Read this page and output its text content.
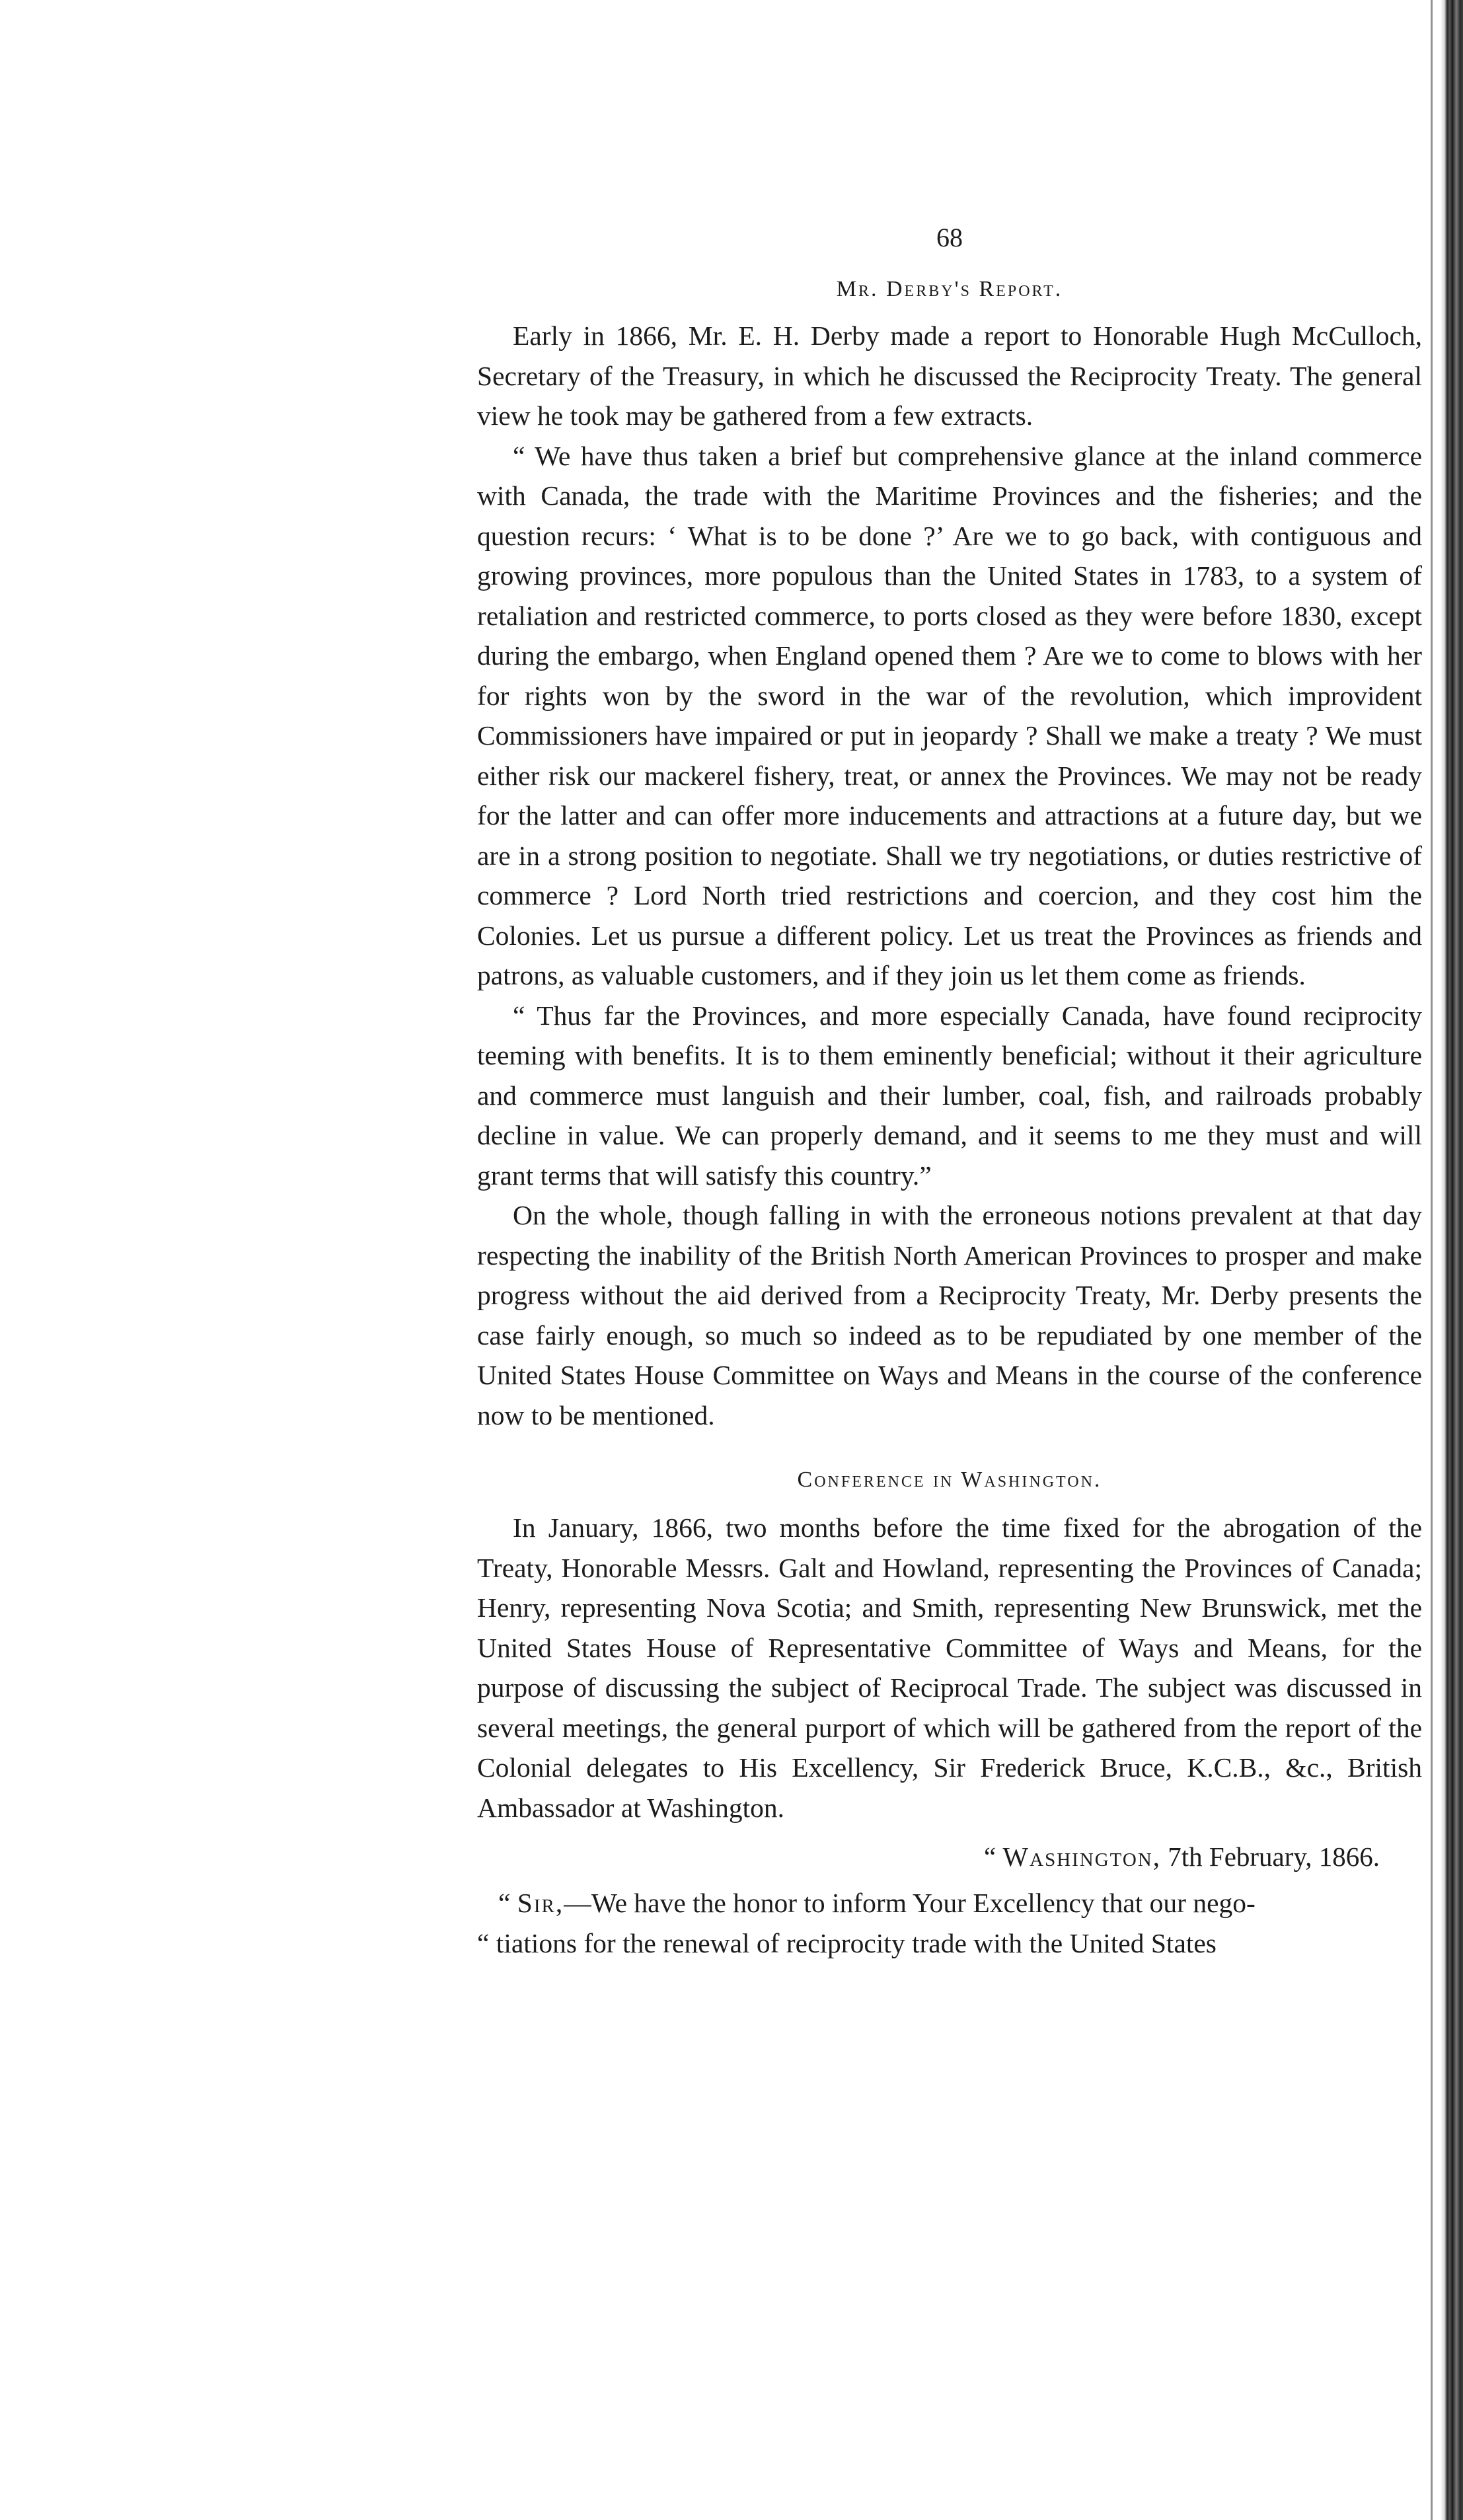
68
Mr. Derby's Report.

Early in 1866, Mr. E. H. Derby made a report to Honorable Hugh McCulloch, Secretary of the Treasury, in which he discussed the Reciprocity Treaty. The general view he took may be gathered from a few extracts.

“ We have thus taken a brief but comprehensive glance at the inland commerce with Canada, the trade with the Maritime Provinces and the fisheries; and the question recurs: ‘ What is to be done ?’ Are we to go back, with contiguous and growing provinces, more populous than the United States in 1783, to a system of retaliation and restricted commerce, to ports closed as they were before 1830, except during the embargo, when England opened them ? Are we to come to blows with her for rights won by the sword in the war of the revolution, which improvident Commissioners have impaired or put in jeopardy ? Shall we make a treaty ? We must either risk our mackerel fishery, treat, or annex the Provinces. We may not be ready for the latter and can offer more inducements and attractions at a future day, but we are in a strong position to negotiate. Shall we try negotiations, or duties restrictive of commerce ? Lord North tried restrictions and coercion, and they cost him the Colonies. Let us pursue a different policy. Let us treat the Provinces as friends and patrons, as valuable customers, and if they join us let them come as friends.

“ Thus far the Provinces, and more especially Canada, have found reciprocity teeming with benefits. It is to them eminently beneficial; without it their agriculture and commerce must languish and their lumber, coal, fish, and railroads probably decline in value. We can properly demand, and it seems to me they must and will grant terms that will satisfy this country.”

On the whole, though falling in with the erroneous notions prevalent at that day respecting the inability of the British North American Provinces to prosper and make progress without the aid derived from a Reciprocity Treaty, Mr. Derby presents the case fairly enough, so much so indeed as to be repudiated by one member of the United States House Committee on Ways and Means in the course of the conference now to be mentioned.

Conference in Washington.

In January, 1866, two months before the time fixed for the abrogation of the Treaty, Honorable Messrs. Galt and Howland, representing the Provinces of Canada; Henry, representing Nova Scotia; and Smith, representing New Brunswick, met the United States House of Representative Committee of Ways and Means, for the purpose of discussing the subject of Reciprocal Trade. The subject was discussed in several meetings, the general purport of which will be gathered from the report of the Colonial delegates to His Excellency, Sir Frederick Bruce, K.C.B., &c., British Ambassador at Washington.

“ Washington, 7th February, 1866.

“ Sir,—We have the honor to inform Your Excellency that our nego-

“ tiations for the renewal of reciprocity trade with the United States
